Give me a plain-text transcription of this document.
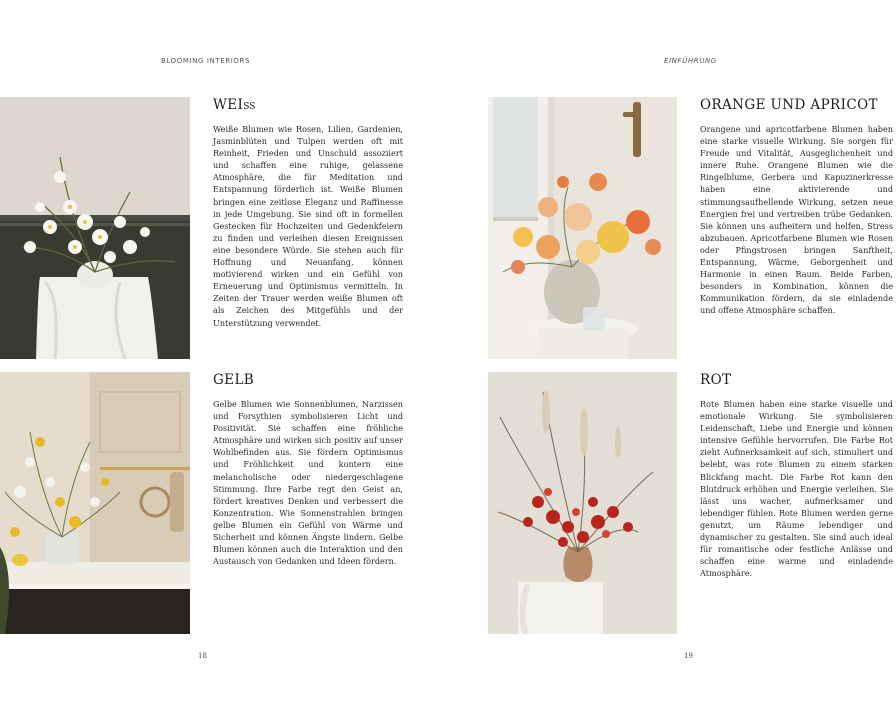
BLOOMING INTERIORS
WEIß

Weiße Blumen wie Rosen, Lilien, Gardenien, Jasminblüten und Tulpen werden oft mit Reinheit, Frieden und Unschuld assoziiert und schaffen eine ruhige, gelassene Atmosphäre, die für Meditation und Entspannung förderlich ist. Weiße Blumen bringen eine zeitlose Eleganz und Raffinesse in jede Umgebung. Sie sind oft in formellen Gestecken für Hochzeiten und Gedenkfeiern zu finden und verleihen diesen Ereignissen eine besondere Würde. Sie stehen auch für Hoffnung und Neuanfang, können motivierend wirken und ein Gefühl von Erneuerung und Optimismus vermitteln. In Zeiten der Trauer werden weiße Blumen oft als Zeichen des Mitgefühls und der Unterstützung verwendet.

GELB

Gelbe Blumen wie Sonnenblumen, Narzissen und Forsythien symbolisieren Licht und Positivität. Sie schaffen eine fröhliche Atmosphäre und wirken sich positiv auf unser Wohlbefinden aus. Sie fördern Optimismus und Fröhlichkeit und kontern eine melancholische oder niedergeschlagene Stimmung. Ihre Farbe regt den Geist an, fördert kreatives Denken und verbessert die Konzentration. Wie Sonnenstrahlen bringen gelbe Blumen ein Gefühl von Wärme und Sicherheit und können Ängste lindern. Gelbe Blumen können auch die Interaktion und den Austausch von Gedanken und Ideen fördern.

18
EINFÜHRUNG
ORANGE UND APRICOT

Orangene und apricotfarbene Blumen haben eine starke visuelle Wirkung. Sie sorgen für Freude und Vitalität, Ausgeglichenheit und innere Ruhe. Orangene Blumen wie die Ringelblume, Gerbera und Kapuzinerkresse haben eine aktivierende und stimmungsaufhellende Wirkung, setzen neue Energien frei und vertreiben trübe Gedanken. Sie können uns aufheitern und helfen, Stress abzubauen. Apricotfarbene Blumen wie Rosen oder Pfingstrosen bringen Sanftheit, Entspannung, Wärme, Geborgenheit und Harmonie in einen Raum. Beide Farben, besonders in Kombination, können die Kommunikation fördern, da sie einladende und offene Atmosphäre schaffen.

ROT

Rote Blumen haben eine starke visuelle und emotionale Wirkung. Sie symbolisieren Leidenschaft, Liebe und Energie und können intensive Gefühle hervorrufen. Die Farbe Rot zieht Aufmerksamkeit auf sich, stimuliert und belebt, was rote Blumen zu einem starken Blickfang macht. Die Farbe Rot kann den Blutdruck erhöhen und Energie verleihen. Sie lässt uns wacher, aufmerksamer und lebendiger fühlen. Rote Blumen werden gerne genutzt, um Räume lebendiger und dynamischer zu gestalten. Sie sind auch ideal für romantische oder festliche Anlässe und schaffen eine warme und einladende Atmosphäre.

19
